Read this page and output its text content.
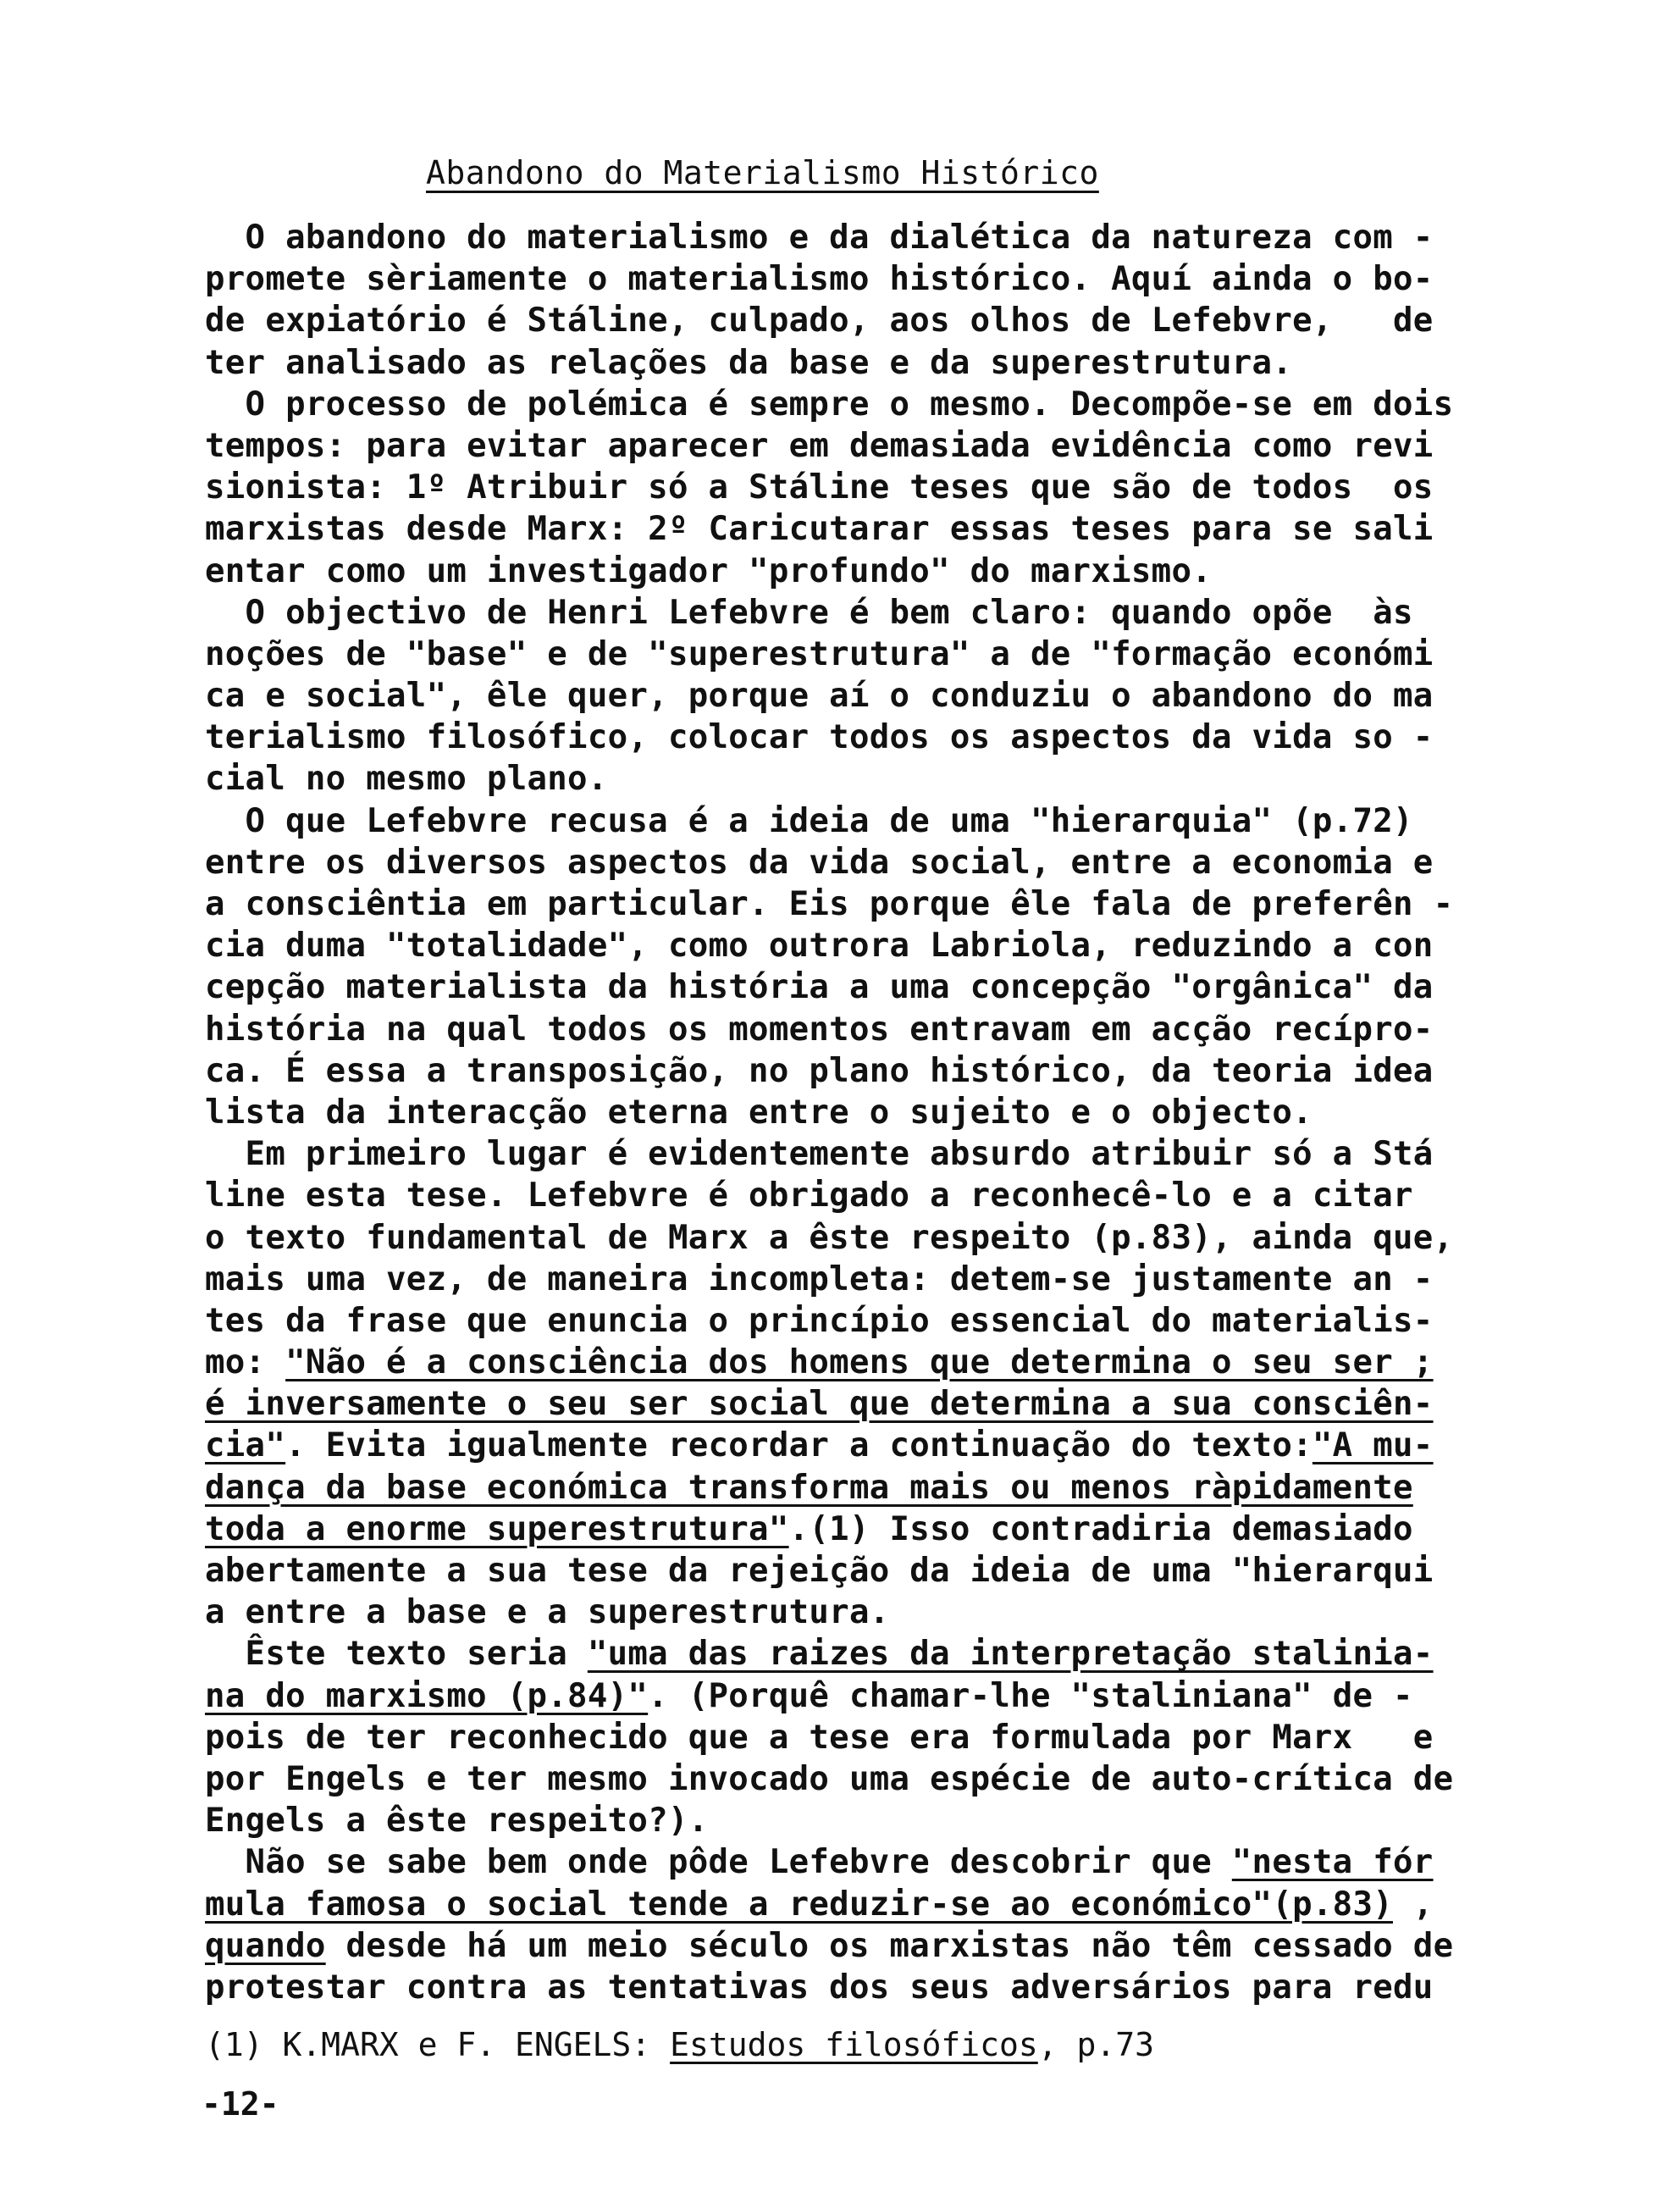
Abandono do Materialismo Histórico
O abandono do materialismo e da dialética da natureza com -
promete sèriamente o materialismo histórico. Aquí ainda o bo-
de expiatório é Stáline, culpado, aos olhos de Lefebvre,   de
ter analisado as relações da base e da superestrutura.
O processo de polémica é sempre o mesmo. Decompõe-se em dois
tempos: para evitar aparecer em demasiada evidência como revi
sionista: 1º Atribuir só a Stáline teses que são de todos  os
marxistas desde Marx: 2º Caricutarar essas teses para se sali
entar como um investigador "profundo" do marxismo.
O objectivo de Henri Lefebvre é bem claro: quando opõe  às
noções de "base" e de "superestrutura" a de "formação económi
ca e social", êle quer, porque aí o conduziu o abandono do ma
terialismo filosófico, colocar todos os aspectos da vida so -
cial no mesmo plano.
O que Lefebvre recusa é a ideia de uma "hierarquia" (p.72)
entre os diversos aspectos da vida social, entre a economia e
a consciêntia em particular. Eis porque êle fala de preferên -
cia duma "totalidade", como outrora Labriola, reduzindo a con
cepção materialista da história a uma concepção "orgânica" da
história na qual todos os momentos entravam em acção recípro-
ca. É essa a transposição, no plano histórico, da teoria idea
lista da interacção eterna entre o sujeito e o objecto.
Em primeiro lugar é evidentemente absurdo atribuir só a Stá
line esta tese. Lefebvre é obrigado a reconhecê-lo e a citar
o texto fundamental de Marx a êste respeito (p.83), ainda que,
mais uma vez, de maneira incompleta: detem-se justamente an -
tes da frase que enuncia o princípio essencial do materialis-
mo: "Não é a consciência dos homens que determina o seu ser ;
é inversamente o seu ser social que determina a sua consciên-
cia". Evita igualmente recordar a continuação do texto:"A mu-
dança da base económica transforma mais ou menos ràpidamente
toda a enorme superestrutura".(1) Isso contradiria demasiado
abertamente a sua tese da rejeição da ideia de uma "hierarqui
a entre a base e a superestrutura.
Êste texto seria "uma das raizes da interpretação stalinia-
na do marxismo (p.84)". (Porquê chamar-lhe "staliniana" de -
pois de ter reconhecido que a tese era formulada por Marx   e
por Engels e ter mesmo invocado uma espécie de auto-crítica de
Engels a êste respeito?).
Não se sabe bem onde pôde Lefebvre descobrir que "nesta fór
mula famosa o social tende a reduzir-se ao económico"(p.83) ,
quando desde há um meio século os marxistas não têm cessado de
protestar contra as tentativas dos seus adversários para redu
(1) K.MARX e F. ENGELS: Estudos filosóficos, p.73
-12-
